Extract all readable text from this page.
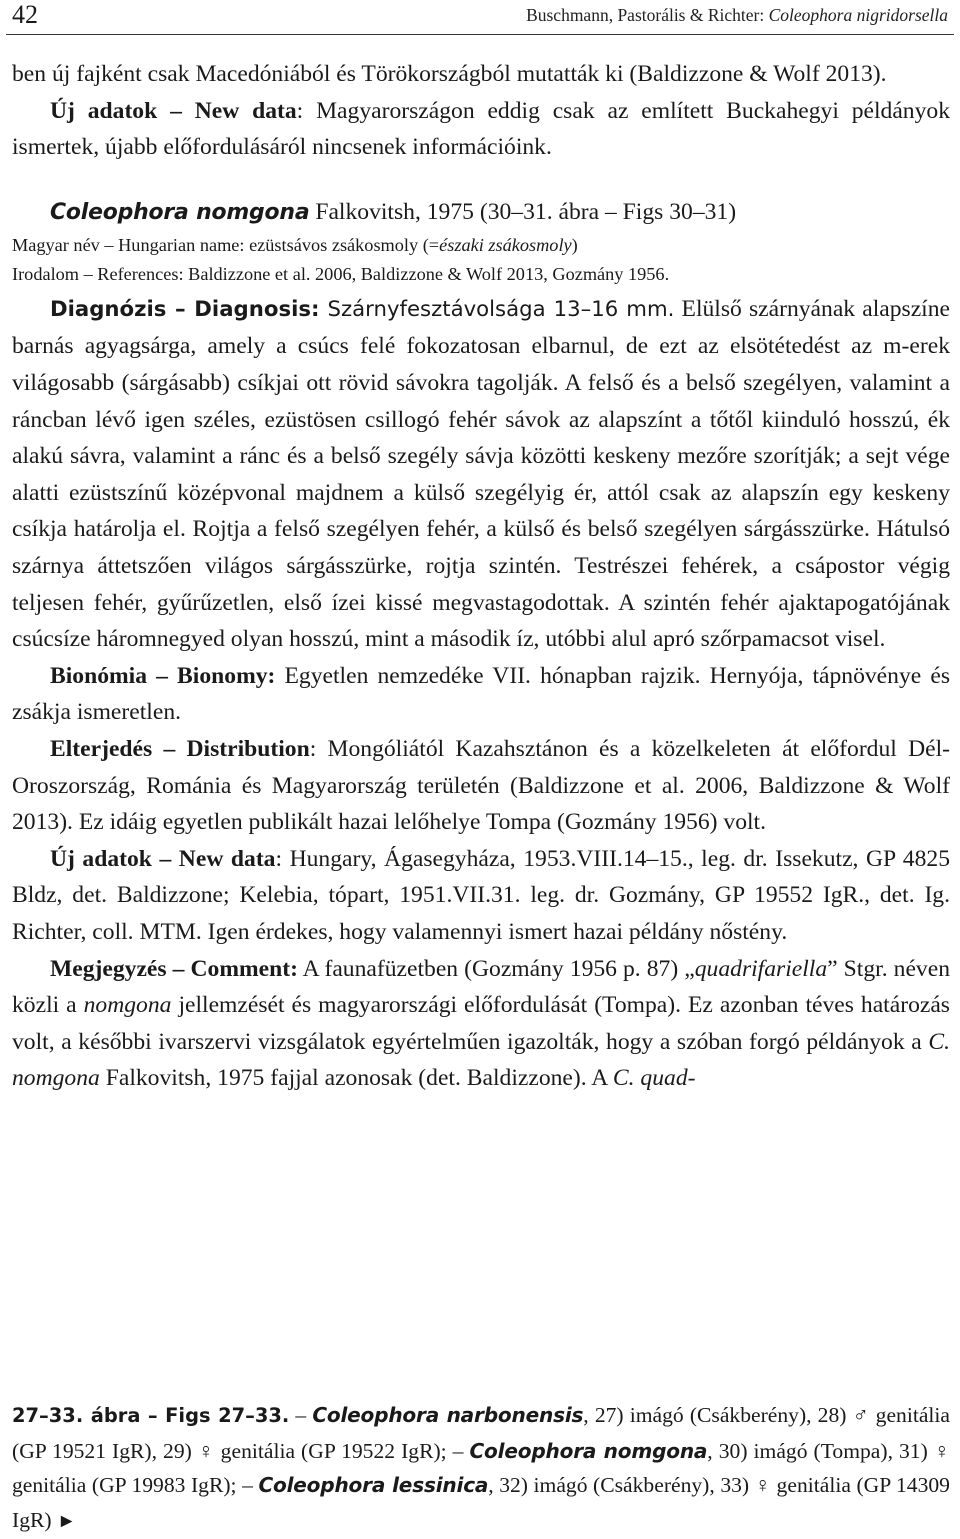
42	Buschmann, Pastorális & Richter: Coleophora nigridorsella

ben új fajként csak Macedóniából és Törökországból mutatták ki (Baldizzone & Wolf 2013).

Új adatok – New data: Magyarországon eddig csak az említett Buckahegyi példányok ismertek, újabb előfordulásáról nincsenek információink.

Coleophora nomgona Falkovitsh, 1975 (30–31. ábra – Figs 30–31)

Magyar név – Hungarian name: ezüstsávos zsákosmoly (=északi zsákosmoly)

Irodalom – References: Baldizzone et al. 2006, Baldizzone & Wolf 2013, Gozmány 1956.

Diagnózis – Diagnosis: Szárnyfesztávolsága 13–16 mm. Elülső szárnyának alapszíne barnás agyagsárga, amely a csúcs felé fokozatosan elbarnul, de ezt az elsötétedést az m-erek világosabb (sárgásabb) csíkjai ott rövid sávokra tagolják. A felső és a belső szegélyen, valamint a ráncban lévő igen széles, ezüstösen csillogó fehér sávok az alapszínt a tőtől kiinduló hosszú, ék alakú sávra, valamint a ránc és a belső szegély sávja közötti keskeny mezőre szorítják; a sejt vége alatti ezüstszínű középvonal majdnem a külső szegélyig ér, attól csak az alapszín egy keskeny csíkja határolja el. Rojtja a felső szegélyen fehér, a külső és belső szegélyen sárgásszürke. Hátulsó szárnya áttetszően világos sárgásszürke, rojtja szintén. Testrészei fehérek, a csápostor végig teljesen fehér, gyűrűzetlen, első ízei kissé megvastagodottak. A szintén fehér ajaktapogatójának csúcsíze háromnegyed olyan hosszú, mint a második íz, utóbbi alul apró szőrpamacsot visel.

Bionómia – Bionomy: Egyetlen nemzedéke VII. hónapban rajzik. Hernyója, tápnövénye és zsákja ismeretlen.

Elterjedés – Distribution: Mongóliától Kazahsztánon és a közelkeleten át előfordul Dél-Oroszország, Románia és Magyarország területén (Baldizzone et al. 2006, Baldizzone & Wolf 2013). Ez idáig egyetlen publikált hazai lelőhelye Tompa (Gozmány 1956) volt.

Új adatok – New data: Hungary, Ágasegyháza, 1953.VIII.14–15., leg. dr. Issekutz, GP 4825 Bldz, det. Baldizzone; Kelebia, tópart, 1951.VII.31. leg. dr. Gozmány, GP 19552 IgR., det. Ig. Richter, coll. MTM. Igen érdekes, hogy valamennyi ismert hazai példány nőstény.

Megjegyzés – Comment: A faunafüzetben (Gozmány 1956 p. 87) „quadrifariella” Stgr. néven közli a nomgona jellemzését és magyarországi előfordulását (Tompa). Ez azonban téves határozás volt, a későbbi ivarszervi vizsgálatok egyértelműen igazolták, hogy a szóban forgó példányok a C. nomgona Falkovitsh, 1975 fajjal azonosak (det. Baldizzone). A C. quad-

27–33. ábra – Figs 27–33. – Coleophora narbonensis, 27) imágó (Csákberény), 28) ♂ genitália (GP 19521 IgR), 29) ♀ genitália (GP 19522 IgR); – Coleophora nomgona, 30) imágó (Tompa), 31) ♀ genitália (GP 19983 IgR); – Coleophora lessinica, 32) imágó (Csákberény), 33) ♀ genitália (GP 14309 IgR) ►
